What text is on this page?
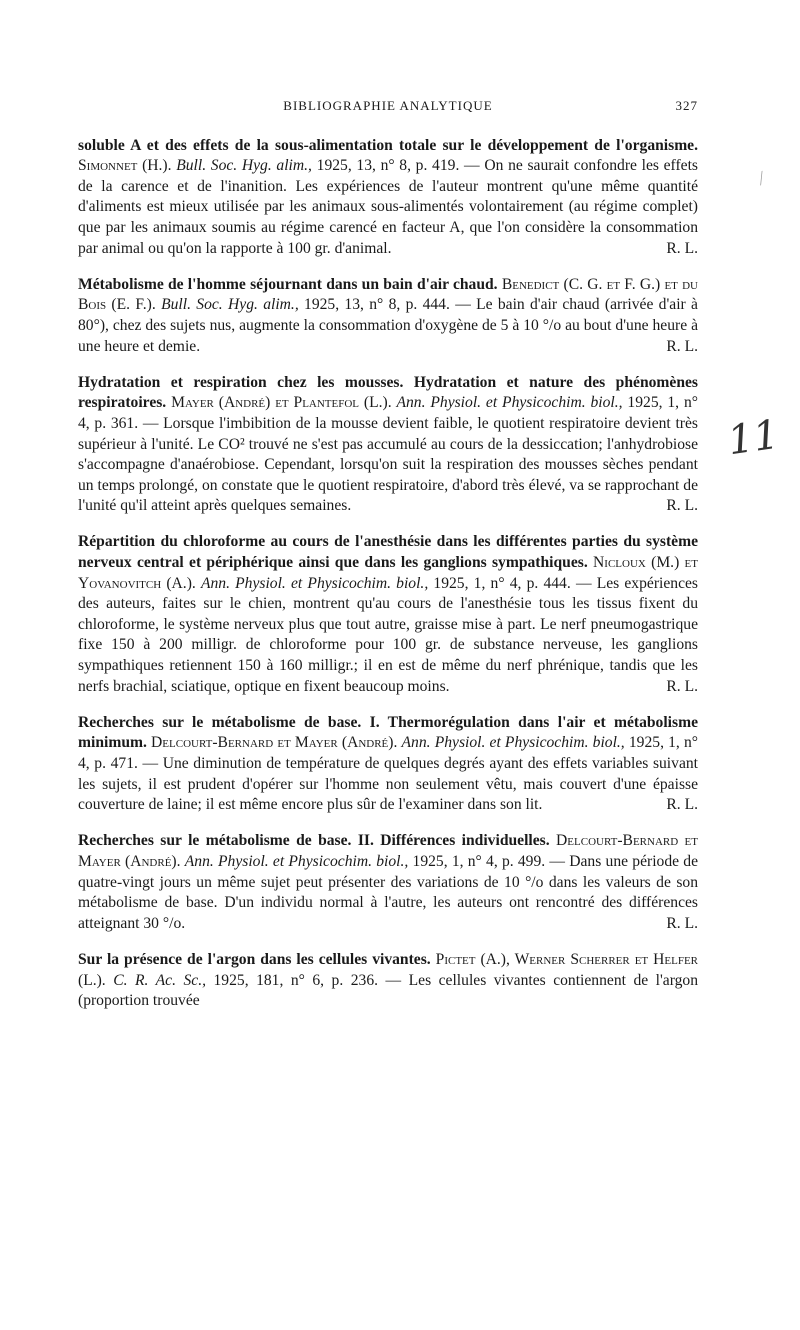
BIBLIOGRAPHIE ANALYTIQUE	327

soluble A et des effets de la sous-alimentation totale sur le développement de l'organisme. Simonnet (H.). Bull. Soc. Hyg. alim., 1925, 13, n° 8, p. 419. — On ne saurait confondre les effets de la carence et de l'inanition. Les expériences de l'auteur montrent qu'une même quantité d'aliments est mieux utilisée par les animaux sous-alimentés volontairement (au régime complet) que par les animaux soumis au régime carencé en facteur A, que l'on considère la consommation par animal ou qu'on la rapporte à 100 gr. d'animal.	R. L.

Métabolisme de l'homme séjournant dans un bain d'air chaud. Benedict (C. G. et F. G.) et du Bois (E. F.). Bull. Soc. Hyg. alim., 1925, 13, n° 8, p. 444. — Le bain d'air chaud (arrivée d'air à 80°), chez des sujets nus, augmente la consommation d'oxygène de 5 à 10 °/o au bout d'une heure à une heure et demie.	R. L.

Hydratation et respiration chez les mousses. Hydratation et nature des phénomènes respiratoires. Mayer (André) et Plantefol (L.). Ann. Physiol. et Physicochim. biol., 1925, 1, n° 4, p. 361. — Lorsque l'imbibition de la mousse devient faible, le quotient respiratoire devient très supérieur à l'unité. Le CO² trouvé ne s'est pas accumulé au cours de la dessiccation; l'anhydrobiose s'accompagne d'anaérobiose. Cependant, lorsqu'on suit la respiration des mousses sèches pendant un temps prolongé, on constate que le quotient respiratoire, d'abord très élevé, va se rapprochant de l'unité qu'il atteint après quelques semaines.	R. L.

Répartition du chloroforme au cours de l'anesthésie dans les différentes parties du système nerveux central et périphérique ainsi que dans les ganglions sympathiques. Nicloux (M.) et Yovanovitch (A.). Ann. Physiol. et Physicochim. biol., 1925, 1, n° 4, p. 444. — Les expériences des auteurs, faites sur le chien, montrent qu'au cours de l'anesthésie tous les tissus fixent du chloroforme, le système nerveux plus que tout autre, graisse mise à part. Le nerf pneumogastrique fixe 150 à 200 milligr. de chloroforme pour 100 gr. de substance nerveuse, les ganglions sympathiques retiennent 150 à 160 milligr.; il en est de même du nerf phrénique, tandis que les nerfs brachial, sciatique, optique en fixent beaucoup moins.	R. L.

Recherches sur le métabolisme de base. I. Thermorégulation dans l'air et métabolisme minimum. Delcourt-Bernard et Mayer (André). Ann. Physiol. et Physicochim. biol., 1925, 1, n° 4, p. 471. — Une diminution de température de quelques degrés ayant des effets variables suivant les sujets, il est prudent d'opérer sur l'homme non seulement vêtu, mais couvert d'une épaisse couverture de laine; il est même encore plus sûr de l'examiner dans son lit.	R. L.

Recherches sur le métabolisme de base. II. Différences individuelles. Delcourt-Bernard et Mayer (André). Ann. Physiol. et Physicochim. biol., 1925, 1, n° 4, p. 499. — Dans une période de quatre-vingt jours un même sujet peut présenter des variations de 10 °/o dans les valeurs de son métabolisme de base. D'un individu normal à l'autre, les auteurs ont rencontré des différences atteignant 30 °/o.	R. L.

Sur la présence de l'argon dans les cellules vivantes. Pictet (A.), Werner Scherrer et Helfer (L.). C. R. Ac. Sc., 1925, 181, n° 6, p. 236. — Les cellules vivantes contiennent de l'argon (proportion trouvée

11
⁄
